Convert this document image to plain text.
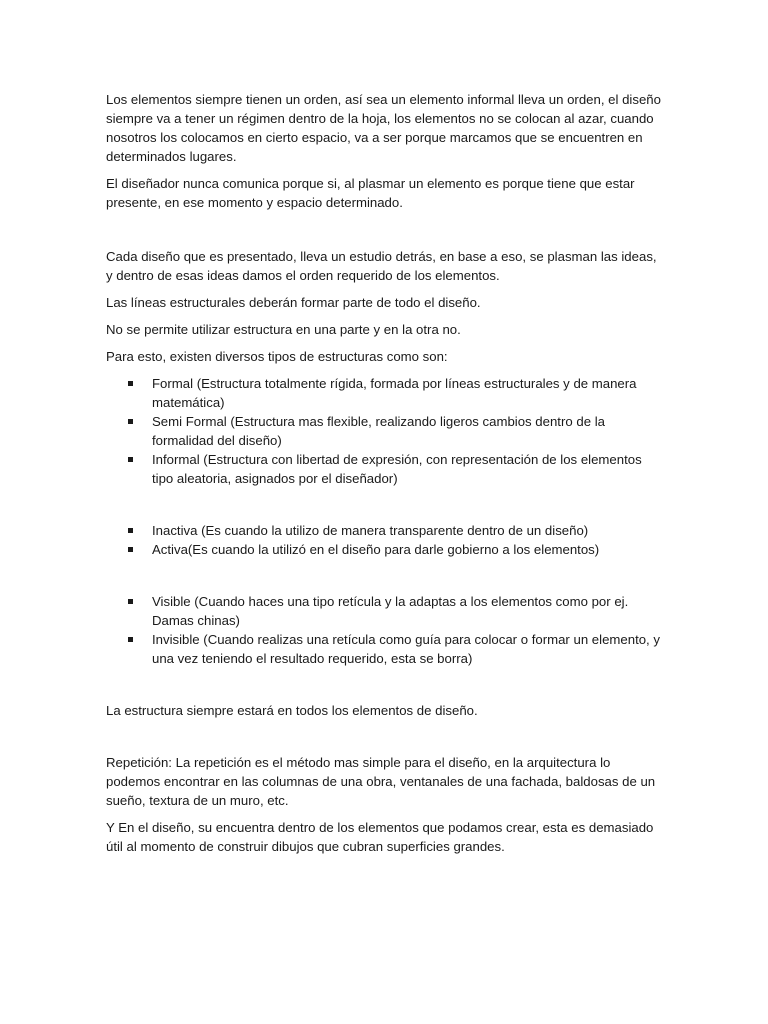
Los elementos siempre tienen un orden, así sea un elemento informal lleva un orden, el diseño siempre va a tener un régimen dentro de la hoja, los elementos no se colocan al azar, cuando nosotros los colocamos en cierto espacio, va a ser porque marcamos que se encuentren en determinados lugares.

El diseñador nunca comunica porque si, al plasmar un elemento es porque tiene que estar presente, en ese momento y espacio determinado.

Cada diseño que es presentado, lleva un estudio detrás, en base a eso, se plasman las ideas, y dentro de esas ideas damos el orden requerido de los elementos.

Las líneas estructurales deberán formar parte de todo el diseño.

No se permite utilizar estructura en una parte y en la otra no.

Para esto, existen diversos tipos de estructuras como son:

Formal (Estructura totalmente rígida, formada por líneas estructurales y de manera matemática)
Semi Formal (Estructura mas flexible, realizando ligeros cambios dentro de la formalidad del diseño)
Informal (Estructura con libertad de expresión, con representación de los elementos tipo aleatoria, asignados por el diseñador)
Inactiva (Es cuando la utilizo de manera transparente dentro de un diseño)
Activa(Es cuando la utilizó en el diseño para darle gobierno a los elementos)
Visible (Cuando haces una tipo retícula y la adaptas a los elementos como por ej. Damas chinas)
Invisible (Cuando realizas una retícula como guía para colocar o formar un elemento, y una vez teniendo el resultado requerido, esta se borra)

La estructura siempre estará en todos los elementos de diseño.

Repetición: La repetición es el método mas simple para el diseño, en la arquitectura lo podemos encontrar en las columnas de una obra, ventanales de una fachada, baldosas de un sueño, textura de un muro, etc.

Y En el diseño, su encuentra dentro de los elementos que podamos crear, esta es demasiado útil al momento de construir dibujos que cubran superficies grandes.
